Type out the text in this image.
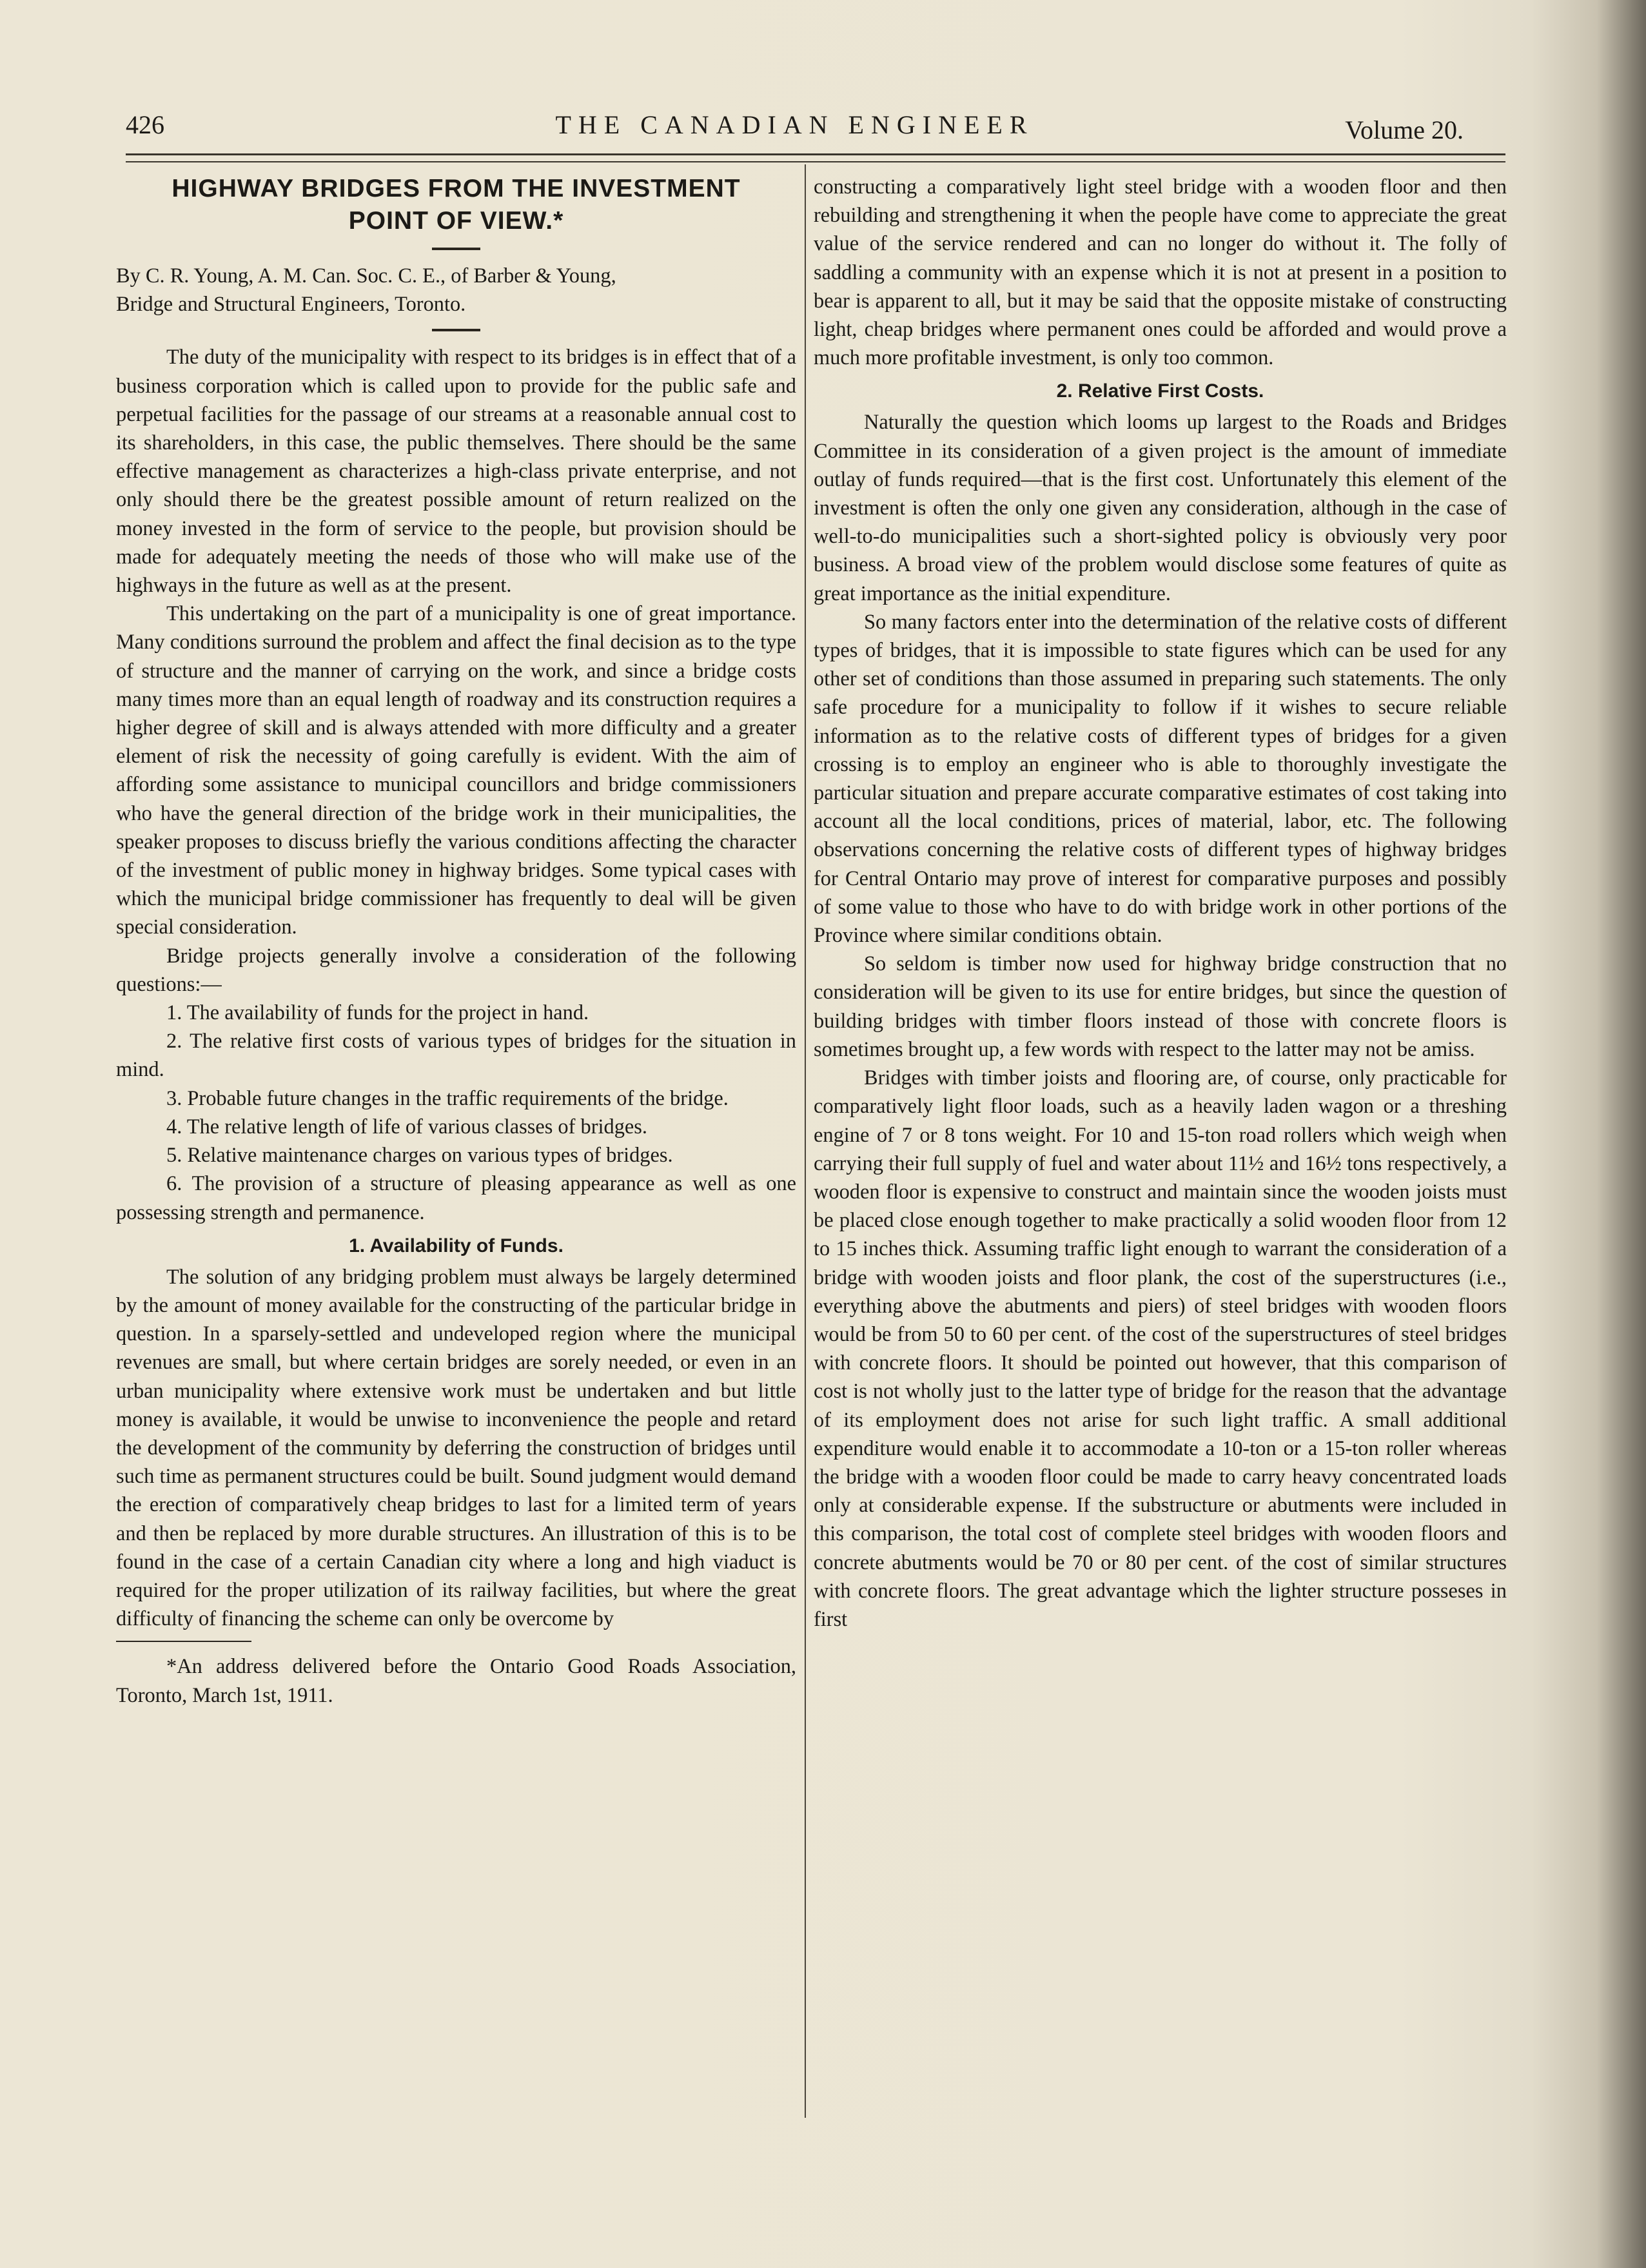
426	THE CANADIAN ENGINEER	Volume 20.
HIGHWAY BRIDGES FROM THE INVESTMENT
POINT OF VIEW.*

By C. R. Young, A. M. Can. Soc. C. E., of Barber & Young,
Bridge and Structural Engineers, Toronto.

The duty of the municipality with respect to its bridges is in effect that of a business corporation which is called upon to provide for the public safe and perpetual facilities for the passage of our streams at a reasonable annual cost to its shareholders, in this case, the public themselves. There should be the same effective management as characterizes a high-class private enterprise, and not only should there be the greatest possible amount of return realized on the money invested in the form of service to the people, but provision should be made for adequately meeting the needs of those who will make use of the highways in the future as well as at the present.

This undertaking on the part of a municipality is one of great importance. Many conditions surround the problem and affect the final decision as to the type of structure and the manner of carrying on the work, and since a bridge costs many times more than an equal length of roadway and its construction requires a higher degree of skill and is always attended with more difficulty and a greater element of risk the necessity of going carefully is evident. With the aim of affording some assistance to municipal councillors and bridge commissioners who have the general direction of the bridge work in their municipalities, the speaker proposes to discuss briefly the various conditions affecting the character of the investment of public money in highway bridges. Some typical cases with which the municipal bridge commissioner has frequently to deal will be given special consideration.

Bridge projects generally involve a consideration of the following questions:—

1. The availability of funds for the project in hand.

2. The relative first costs of various types of bridges for the situation in mind.

3. Probable future changes in the traffic requirements of the bridge.

4. The relative length of life of various classes of bridges.

5. Relative maintenance charges on various types of bridges.

6. The provision of a structure of pleasing appearance as well as one possessing strength and permanence.

1. Availability of Funds.

The solution of any bridging problem must always be largely determined by the amount of money available for the constructing of the particular bridge in question. In a sparsely-settled and undeveloped region where the municipal revenues are small, but where certain bridges are sorely needed, or even in an urban municipality where extensive work must be undertaken and but little money is available, it would be unwise to inconvenience the people and retard the development of the community by deferring the construction of bridges until such time as permanent structures could be built. Sound judgment would demand the erection of comparatively cheap bridges to last for a limited term of years and then be replaced by more durable structures. An illustration of this is to be found in the case of a certain Canadian city where a long and high viaduct is required for the proper utilization of its railway facilities, but where the great difficulty of financing the scheme can only be overcome by

*An address delivered before the Ontario Good Roads Association, Toronto, March 1st, 1911.

constructing a comparatively light steel bridge with a wooden floor and then rebuilding and strengthening it when the people have come to appreciate the great value of the service rendered and can no longer do without it. The folly of saddling a community with an expense which it is not at present in a position to bear is apparent to all, but it may be said that the opposite mistake of constructing light, cheap bridges where permanent ones could be afforded and would prove a much more profitable investment, is only too common.

2. Relative First Costs.

Naturally the question which looms up largest to the Roads and Bridges Committee in its consideration of a given project is the amount of immediate outlay of funds required—that is the first cost. Unfortunately this element of the investment is often the only one given any consideration, although in the case of well-to-do municipalities such a short-sighted policy is obviously very poor business. A broad view of the problem would disclose some features of quite as great importance as the initial expenditure.

So many factors enter into the determination of the relative costs of different types of bridges, that it is impossible to state figures which can be used for any other set of conditions than those assumed in preparing such statements. The only safe procedure for a municipality to follow if it wishes to secure reliable information as to the relative costs of different types of bridges for a given crossing is to employ an engineer who is able to thoroughly investigate the particular situation and prepare accurate comparative estimates of cost taking into account all the local conditions, prices of material, labor, etc. The following observations concerning the relative costs of different types of highway bridges for Central Ontario may prove of interest for comparative purposes and possibly of some value to those who have to do with bridge work in other portions of the Province where similar conditions obtain.

So seldom is timber now used for highway bridge construction that no consideration will be given to its use for entire bridges, but since the question of building bridges with timber floors instead of those with concrete floors is sometimes brought up, a few words with respect to the latter may not be amiss.

Bridges with timber joists and flooring are, of course, only practicable for comparatively light floor loads, such as a heavily laden wagon or a threshing engine of 7 or 8 tons weight. For 10 and 15-ton road rollers which weigh when carrying their full supply of fuel and water about 11½ and 16½ tons respectively, a wooden floor is expensive to construct and maintain since the wooden joists must be placed close enough together to make practically a solid wooden floor from 12 to 15 inches thick. Assuming traffic light enough to warrant the consideration of a bridge with wooden joists and floor plank, the cost of the superstructures (i.e., everything above the abutments and piers) of steel bridges with wooden floors would be from 50 to 60 per cent. of the cost of the superstructures of steel bridges with concrete floors. It should be pointed out however, that this comparison of cost is not wholly just to the latter type of bridge for the reason that the advantage of its employment does not arise for such light traffic. A small additional expenditure would enable it to accommodate a 10-ton or a 15-ton roller whereas the bridge with a wooden floor could be made to carry heavy concentrated loads only at considerable expense. If the substructure or abutments were included in this comparison, the total cost of complete steel bridges with wooden floors and concrete abutments would be 70 or 80 per cent. of the cost of similar structures with concrete floors. The great advantage which the lighter structure posseses in first
